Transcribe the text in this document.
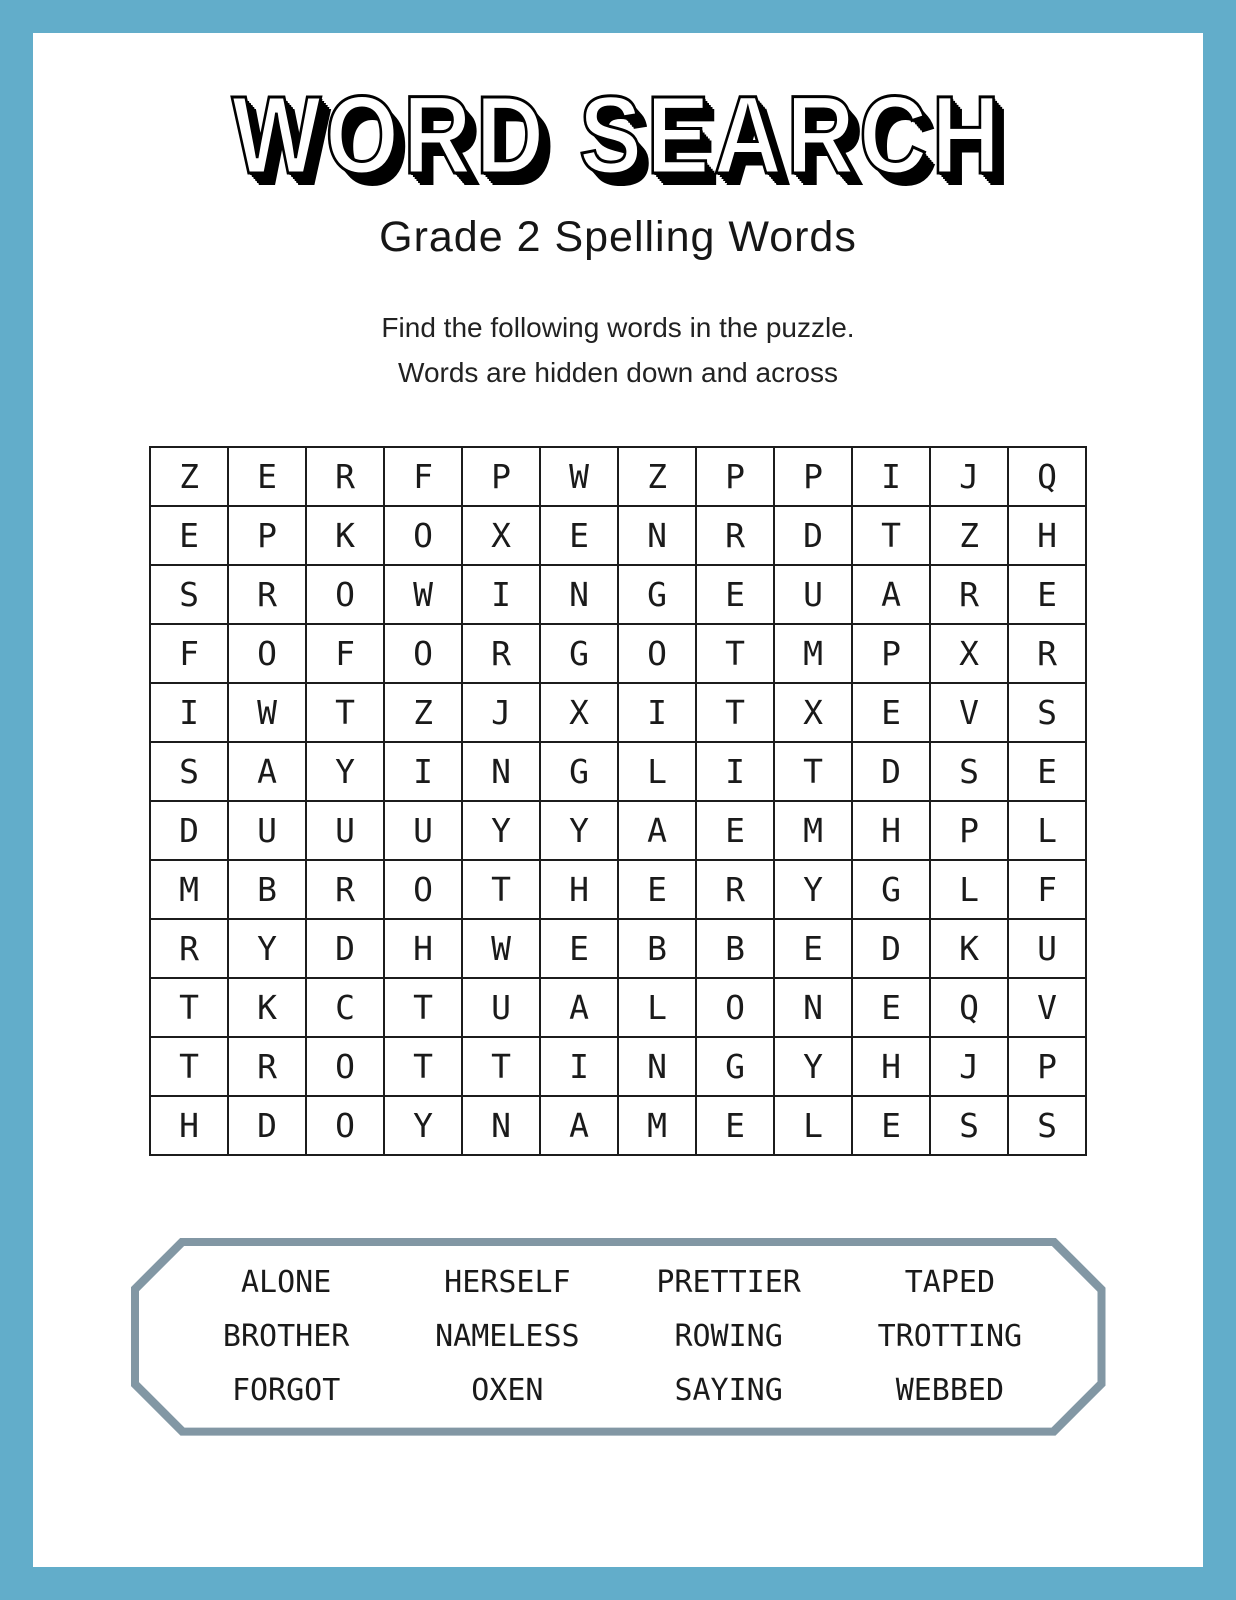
WORD SEARCH
Grade 2 Spelling Words

Find the following words in the puzzle.
Words are hidden down and across

Z	E	R	F	P	W	Z	P	P	I	J	Q
E	P	K	O	X	E	N	R	D	T	Z	H
S	R	O	W	I	N	G	E	U	A	R	E
F	O	F	O	R	G	O	T	M	P	X	R
I	W	T	Z	J	X	I	T	X	E	V	S
S	A	Y	I	N	G	L	I	T	D	S	E
D	U	U	U	Y	Y	A	E	M	H	P	L
M	B	R	O	T	H	E	R	Y	G	L	F
R	Y	D	H	W	E	B	B	E	D	K	U
T	K	C	T	U	A	L	O	N	E	Q	V
T	R	O	T	T	I	N	G	Y	H	J	P
H	D	O	Y	N	A	M	E	L	E	S	S
ALONE	HERSELF	PRETTIER	TAPED
BROTHER	NAMELESS	ROWING	TROTTING
FORGOT	OXEN	SAYING	WEBBED
